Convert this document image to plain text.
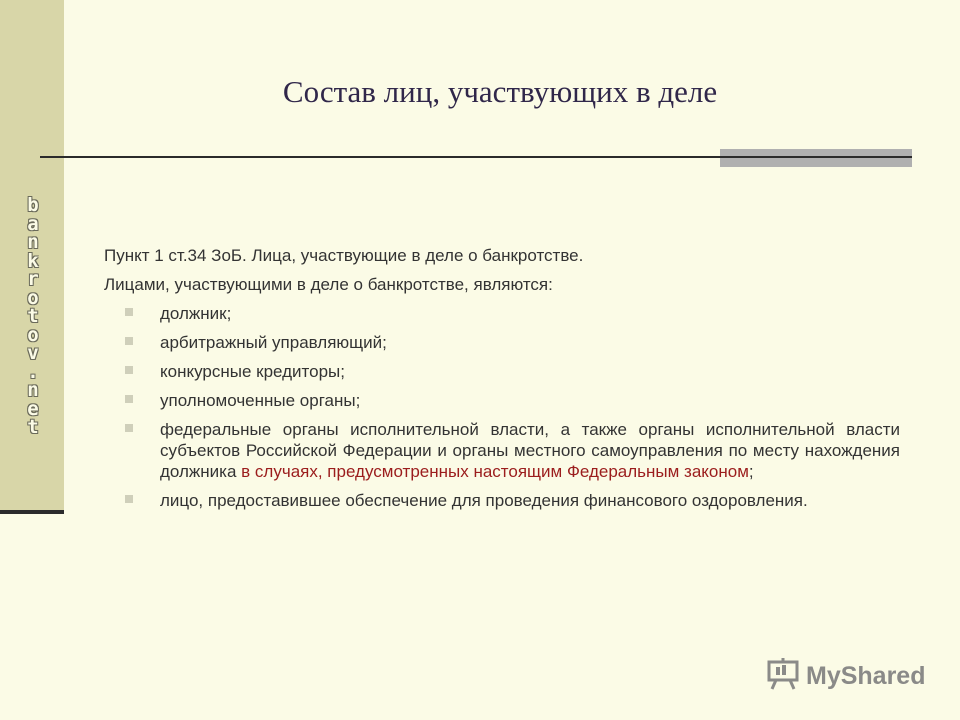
b
a
n
k
r
o
t
o
v
.
n
e
t
Состав лиц, участвующих в деле

Пункт 1 ст.34 ЗоБ. Лица, участвующие в деле о банкротстве.

Лицами, участвующими в деле о банкротстве, являются:

должник;
арбитражный управляющий;
конкурсные кредиторы;
уполномоченные органы;
федеральные органы исполнительной власти, а также органы исполнительной власти субъектов Российской Федерации и органы местного самоуправления по месту нахождения должника в случаях, предусмотренных настоящим Федеральным законом;
лицо, предоставившее обеспечение для проведения финансового оздоровления.
MyShared
